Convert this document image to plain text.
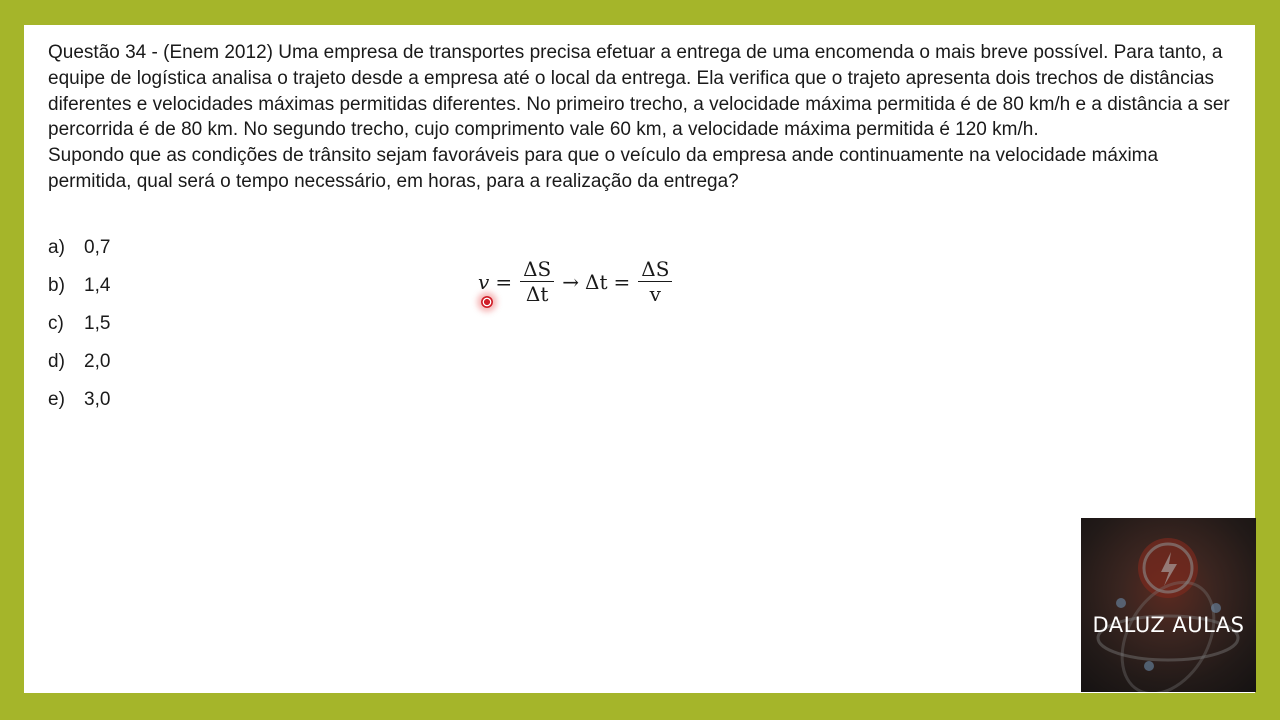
Questão 34 - (Enem 2012) Uma empresa de transportes precisa efetuar a entrega de uma encomenda o mais breve possível. Para tanto, a equipe de logística analisa o trajeto desde a empresa até o local da entrega. Ela verifica que o trajeto apresenta dois trechos de distâncias diferentes e velocidades máximas permitidas diferentes. No primeiro trecho, a velocidade máxima permitida é de 80 km/h e a distância a ser percorrida é de 80 km. No segundo trecho, cujo comprimento vale 60 km, a velocidade máxima permitida é 120 km/h.

Supondo que as condições de trânsito sejam favoráveis para que o veículo da empresa ande continuamente na velocidade máxima permitida, qual será o tempo necessário, em horas, para a realização da entrega?

a)	0,7
b)	1,4
c)	1,5
d)	2,0
e)	3,0
$v = \frac{\Delta S}{\Delta t} \to \Delta t = \frac{\Delta S}{v}$
DALUZ AULAS
